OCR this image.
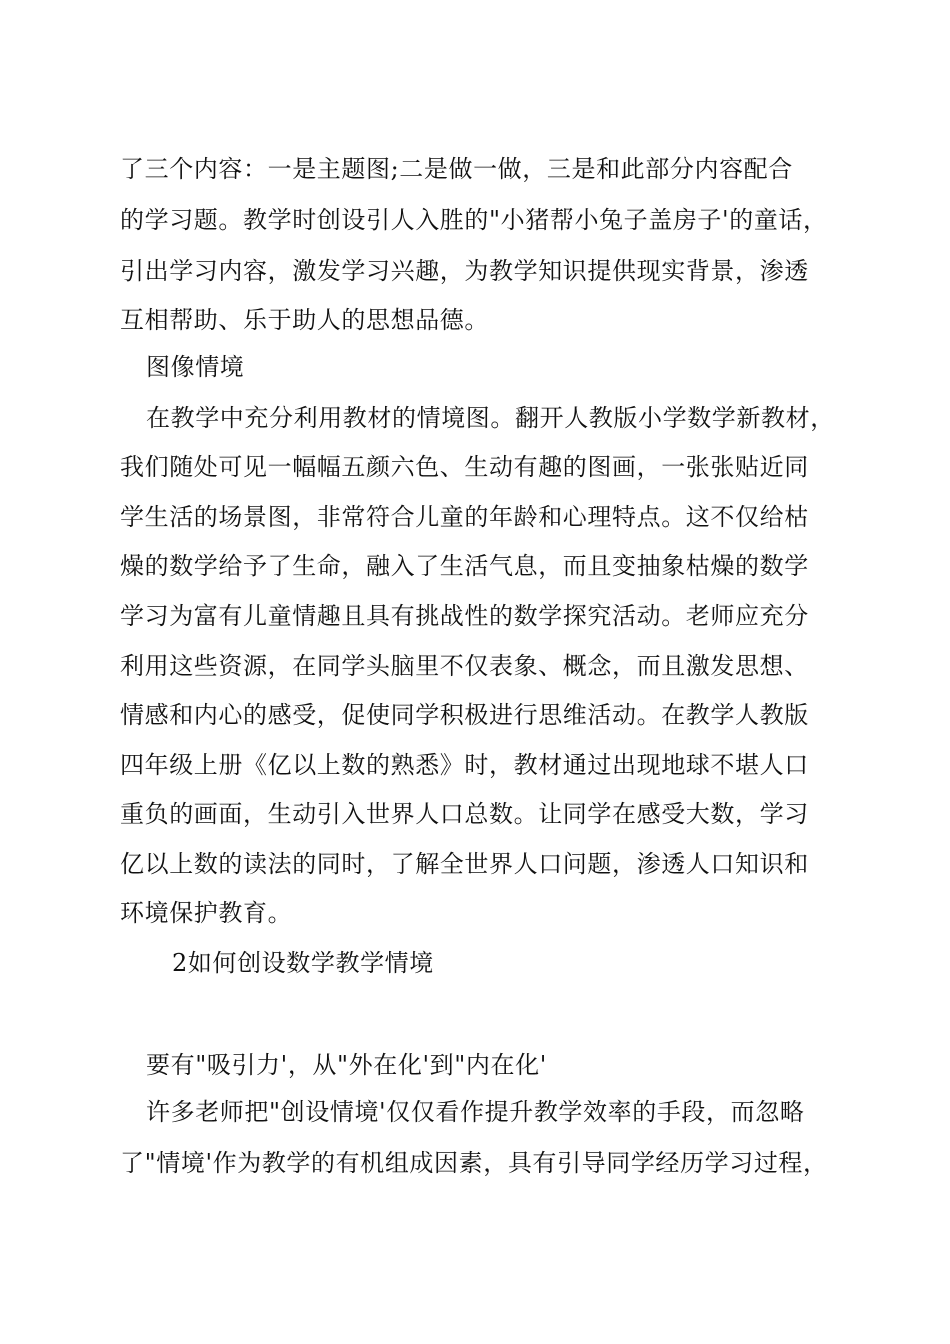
了三个内容：一是主题图;二是做一做，三是和此部分内容配合
的学习题。教学时创设引人入胜的"小猪帮小兔子盖房子'的童话，
引出学习内容，激发学习兴趣，为教学知识提供现实背景，渗透
互相帮助、乐于助人的思想品德。
图像情境
在教学中充分利用教材的情境图。翻开人教版小学数学新教材，
我们随处可见一幅幅五颜六色、生动有趣的图画，一张张贴近同
学生活的场景图，非常符合儿童的年龄和心理特点。这不仅给枯
燥的数学给予了生命，融入了生活气息，而且变抽象枯燥的数学
学习为富有儿童情趣且具有挑战性的数学探究活动。老师应充分
利用这些资源，在同学头脑里不仅表象、概念，而且激发思想、
情感和内心的感受，促使同学积极进行思维活动。在教学人教版
四年级上册《亿以上数的熟悉》时，教材通过出现地球不堪人口
重负的画面，生动引入世界人口总数。让同学在感受大数，学习
亿以上数的读法的同时，了解全世界人口问题，渗透人口知识和
环境保护教育。
2如何创设数学教学情境
要有"吸引力'，从"外在化'到"内在化'
许多老师把"创设情境'仅仅看作提升教学效率的手段，而忽略
了"情境'作为教学的有机组成因素，具有引导同学经历学习过程，
